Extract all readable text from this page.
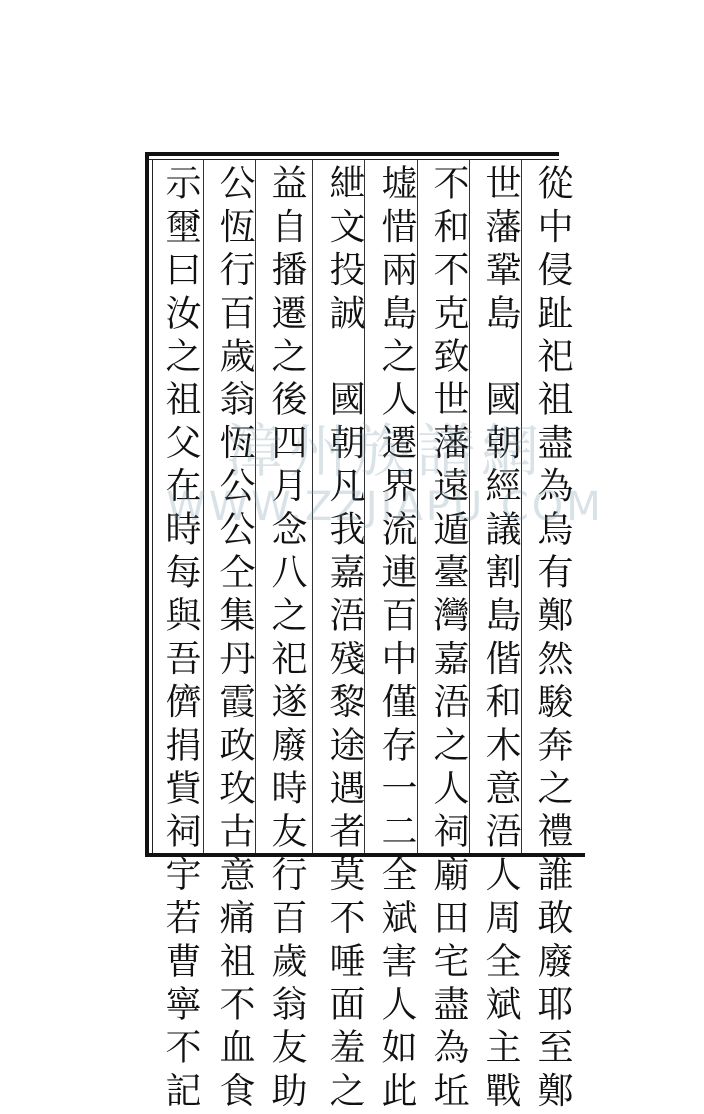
從中侵趾祀祖盡為烏有鄭然駿奔之禮誰敢廢耶至鄭
世藩鞏島　國朝經議割島偕和木意浯人周全斌主戰
不和不克致世藩遠遁臺灣嘉浯之人祠廟田宅盡為坵
墟惜兩島之人遷界流連百中僅存一二全斌害人如此
紲文投誠　國朝凡我嘉浯殘黎途遇者莫不唾面羞之
益自播遷之後四月念八之祀遂廢時友行百歲翁友助
公恆行百歲翁恆公公仝集丹霞政玫古意痛祖不血食
示壐曰汝之祖父在時每與吾儕捐貲祠宇若曹寧不記 漳州族譜網
WWW.ZZJIAPU.COM
